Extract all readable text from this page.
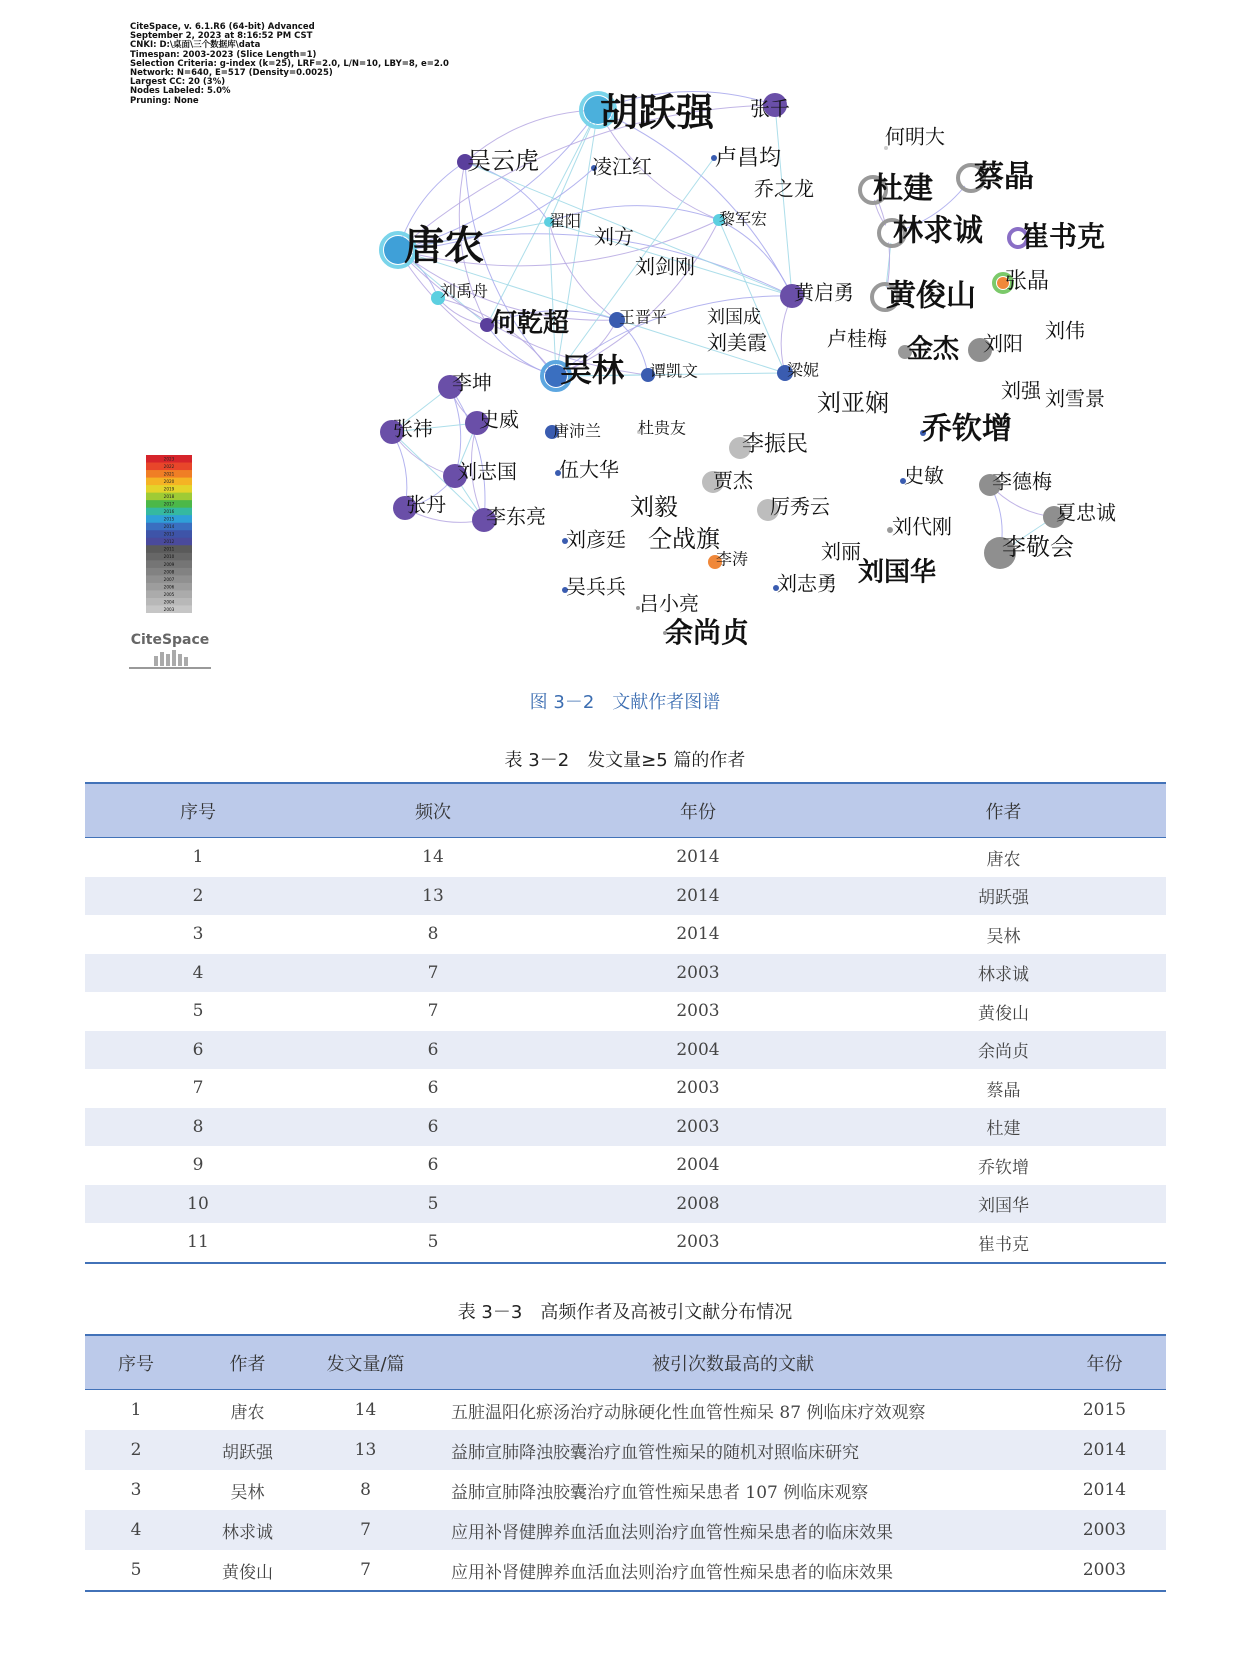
胡跃强 张千
吴云虎	凌江红	卢昌均
乔之龙
何明大
杜建 蔡晶
林求诚 崔书克
唐农
翟阳
刘方
黎军宏
刘剑刚
张晶
黄俊山
刘禹舟	黄启勇
何乾超	王晋平 刘国成
刘美霞	卢桂梅	刘伟
金杰 刘阳
吴林 谭凯文	梁妮
李坤	刘强 刘雪景
刘亚娴
乔钦增
张祎 史威 唐沛兰 杜贵友
李振民
刘志国 伍大华	贾杰	史敏 李德梅
张丹 李东亮	刘毅	厉秀云	夏忠诚
刘代刚
刘彦廷 仝战旗	李敬会
李涛	刘丽
刘国华
刘志勇
吴兵兵
吕小亮
余尚贞
CiteSpace, v. 6.1.R6 (64-bit) Advanced
September 2, 2023 at 8:16:52 PM CST
CNKI: D:\桌面\三个数据库\data
Timespan: 2003-2023 (Slice Length=1)
Selection Criteria: g-index (k=25), LRF=2.0, L/N=10, LBY=8, e=2.0
Network: N=640, E=517 (Density=0.0025)
Largest CC: 20 (3%)
Nodes Labeled: 5.0%
Pruning: None
2023
2022
2021
2020
2019
2018
2017
2016
2015
2014
2013
2012
2011
2010
2009
2008
2007
2006
2005
2004
2003
CiteSpace
图 3－2　文献作者图谱
表 3－2　发文量≥5 篇的作者
序号	频次	年份	作者
1	14	2014	唐农
2	13	2014	胡跃强
3	8	2014	吴林
4	7	2003	林求诚
5	7	2003	黄俊山
6	6	2004	余尚贞
7	6	2003	蔡晶
8	6	2003	杜建
9	6	2004	乔钦增
10	5	2008	刘国华
11	5	2003	崔书克
表 3－3　高频作者及高被引文献分布情况
序号	作者	发文量/篇	被引次数最高的文献	年份
1	唐农	14	五脏温阳化瘀汤治疗动脉硬化性血管性痴呆 87 例临床疗效观察	2015
2	胡跃强	13	益肺宣肺降浊胶囊治疗血管性痴呆的随机对照临床研究	2014
3	吴林	8	益肺宣肺降浊胶囊治疗血管性痴呆患者 107 例临床观察	2014
4	林求诚	7	应用补肾健脾养血活血法则治疗血管性痴呆患者的临床效果	2003
5	黄俊山	7	应用补肾健脾养血活血法则治疗血管性痴呆患者的临床效果	2003
